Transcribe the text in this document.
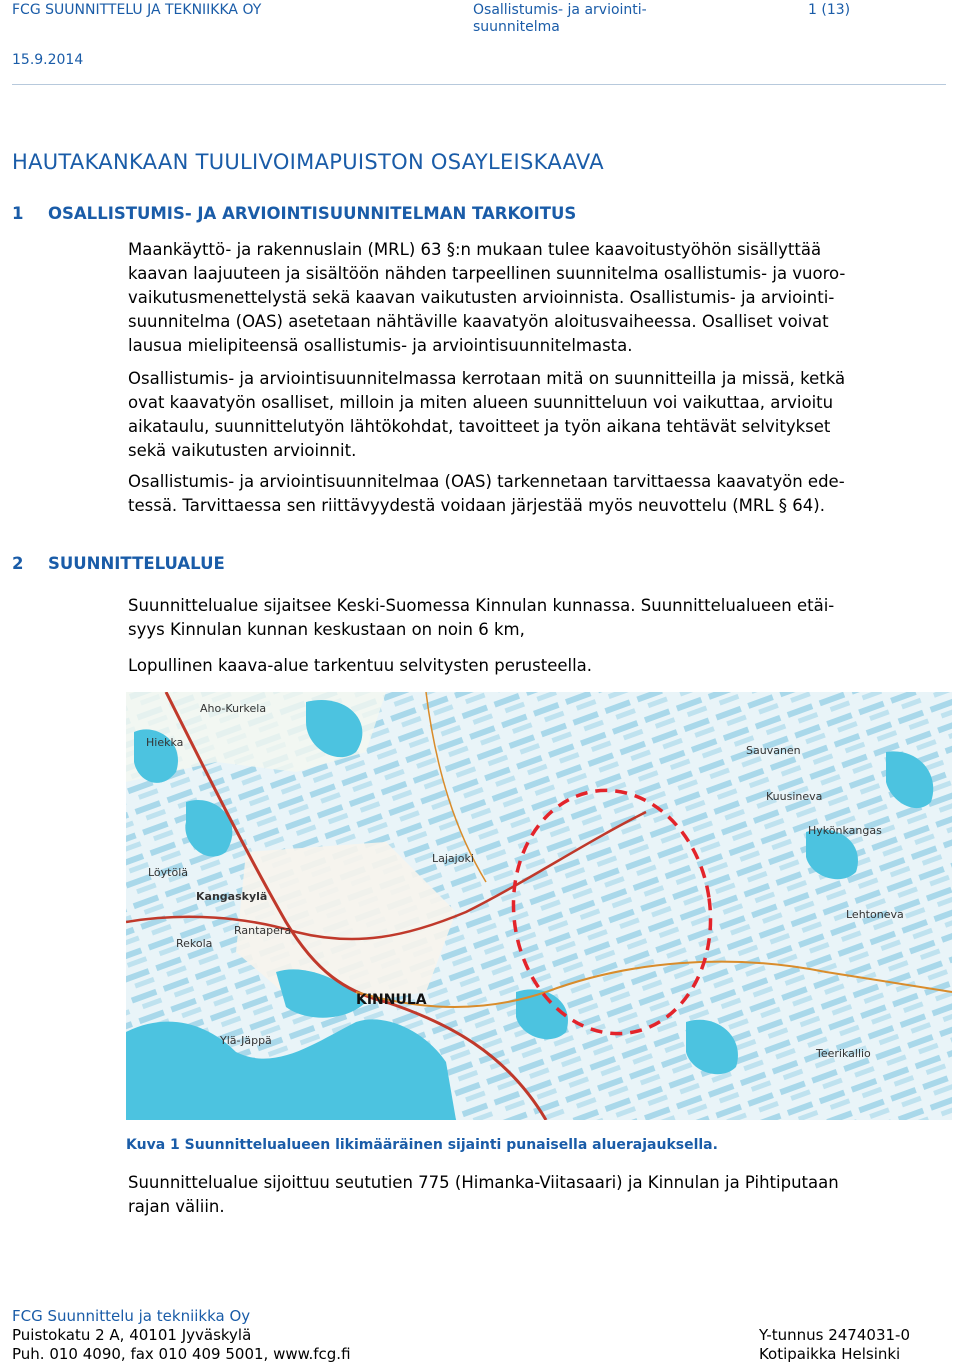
FCG SUUNNITTELU JA TEKNIIKKA OY	Osallistumis- ja arviointi-
suunnitelma
1 (13)
15.9.2014
HAUTAKANKAAN TUULIVOIMAPUISTON OSAYLEISKAAVA
1 OSALLISTUMIS- JA ARVIOINTISUUNNITELMAN TARKOITUS
Maankäyttö- ja rakennuslain (MRL) 63 §:n mukaan tulee kaavoitustyöhön sisällyttää
kaavan laajuuteen ja sisältöön nähden tarpeellinen suunnitelma osallistumis- ja vuoro-
vaikutusmenettelystä sekä kaavan vaikutusten arvioinnista. Osallistumis- ja arviointi-
suunnitelma (OAS) asetetaan nähtäville kaavatyön aloitusvaiheessa. Osalliset voivat
lausua mielipiteensä osallistumis- ja arviointisuunnitelmasta.
Osallistumis- ja arviointisuunnitelmassa kerrotaan mitä on suunnitteilla ja missä, ketkä
ovat kaavatyön osalliset, milloin ja miten alueen suunnitteluun voi vaikuttaa, arvioitu
aikataulu, suunnittelutyön lähtökohdat, tavoitteet ja työn aikana tehtävät selvitykset
sekä vaikutusten arvioinnit.
Osallistumis- ja arviointisuunnitelmaa (OAS) tarkennetaan tarvittaessa kaavatyön ede-
tessä. Tarvittaessa sen riittävyydestä voidaan järjestää myös neuvottelu (MRL § 64).
2 SUUNNITTELUALUE
Suunnittelualue sijaitsee Keski-Suomessa Kinnulan kunnassa. Suunnittelualueen etäi-
syys Kinnulan kunnan keskustaan on noin 6 km,
Lopullinen kaava-alue tarkentuu selvitysten perusteella.
Aho-Kurkela
Hiekka
Kangaskylä
Rekola
Rantapera
KINNULA
Lajajoki
Ylä-Jäppä
Sauvanen
Hykönkangas
Lehtoneva
Kuusineva
Teerikallio
Löytölä
Kuva 1 Suunnittelualueen likimääräinen sijainti punaisella aluerajauksella.
Suunnittelualue sijoittuu seututien 775 (Himanka-Viitasaari) ja Kinnulan ja Pihtiputaan
rajan väliin.
FCG Suunnittelu ja tekniikka Oy
Puistokatu 2 A, 40101 Jyväskylä
Puh. 010 4090, fax 010 409 5001, www.fcg.fi
Y-tunnus 2474031-0
Kotipaikka Helsinki
